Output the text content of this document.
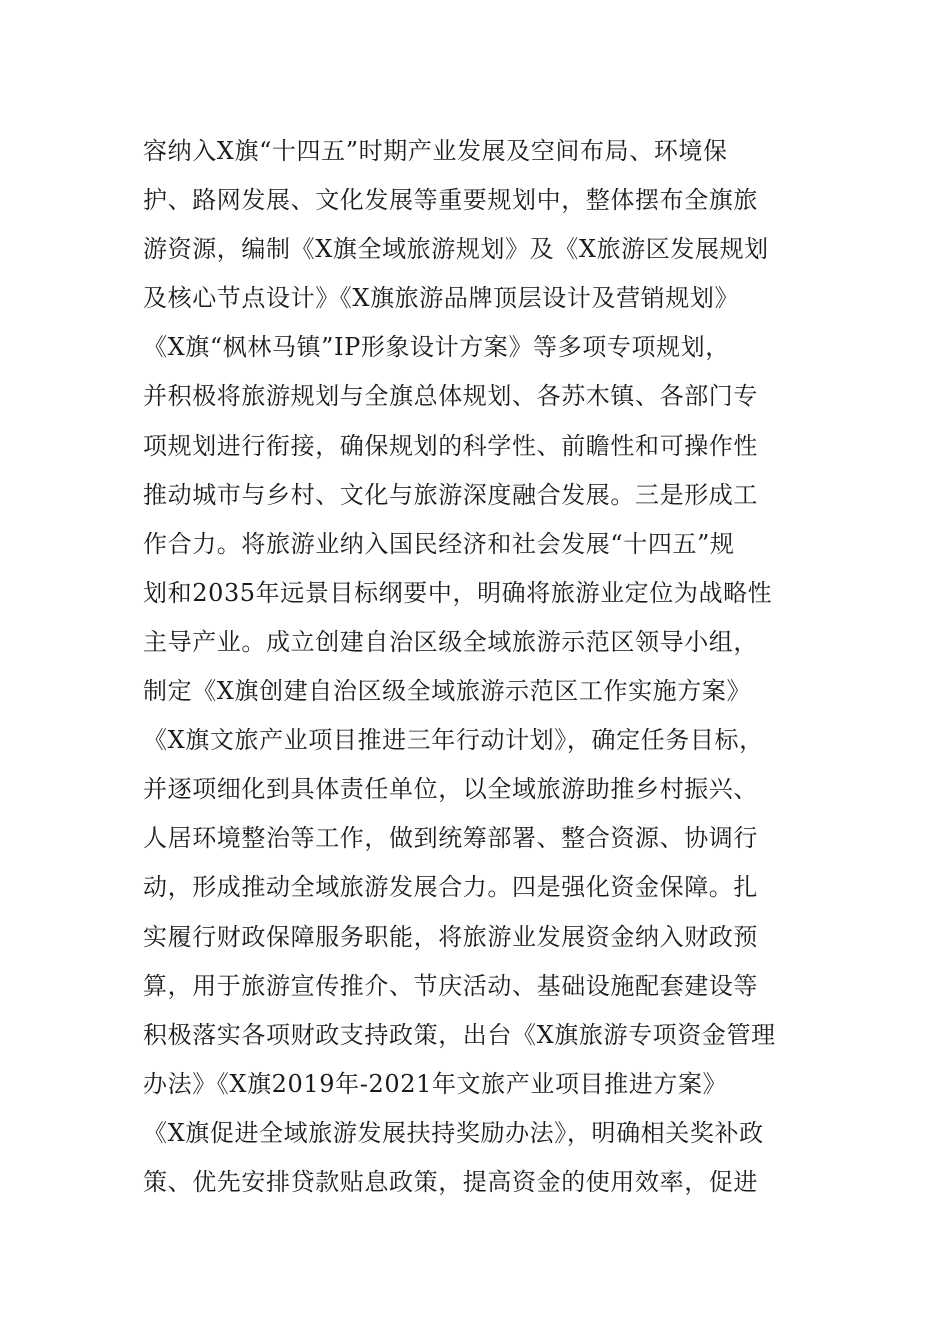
容纳入X旗“十四五”时期产业发展及空间布局、环境保
护、路网发展、文化发展等重要规划中，整体摆布全旗旅
游资源，编制《X旗全域旅游规划》及《X旅游区发展规划
及核心节点设计》《X旗旅游品牌顶层设计及营销规划》
《X旗“枫林马镇”IP形象设计方案》等多项专项规划，
并积极将旅游规划与全旗总体规划、各苏木镇、各部门专
项规划进行衔接，确保规划的科学性、前瞻性和可操作性
推动城市与乡村、文化与旅游深度融合发展。三是形成工
作合力。将旅游业纳入国民经济和社会发展“十四五”规
划和2035年远景目标纲要中，明确将旅游业定位为战略性
主导产业。成立创建自治区级全域旅游示范区领导小组，
制定《X旗创建自治区级全域旅游示范区工作实施方案》
《X旗文旅产业项目推进三年行动计划》，确定任务目标，
并逐项细化到具体责任单位，以全域旅游助推乡村振兴、
人居环境整治等工作，做到统筹部署、整合资源、协调行
动，形成推动全域旅游发展合力。四是强化资金保障。扎
实履行财政保障服务职能，将旅游业发展资金纳入财政预
算，用于旅游宣传推介、节庆活动、基础设施配套建设等
积极落实各项财政支持政策，出台《X旗旅游专项资金管理
办法》《X旗2019年-2021年文旅产业项目推进方案》
《X旗促进全域旅游发展扶持奖励办法》，明确相关奖补政
策、优先安排贷款贴息政策，提高资金的使用效率，促进
